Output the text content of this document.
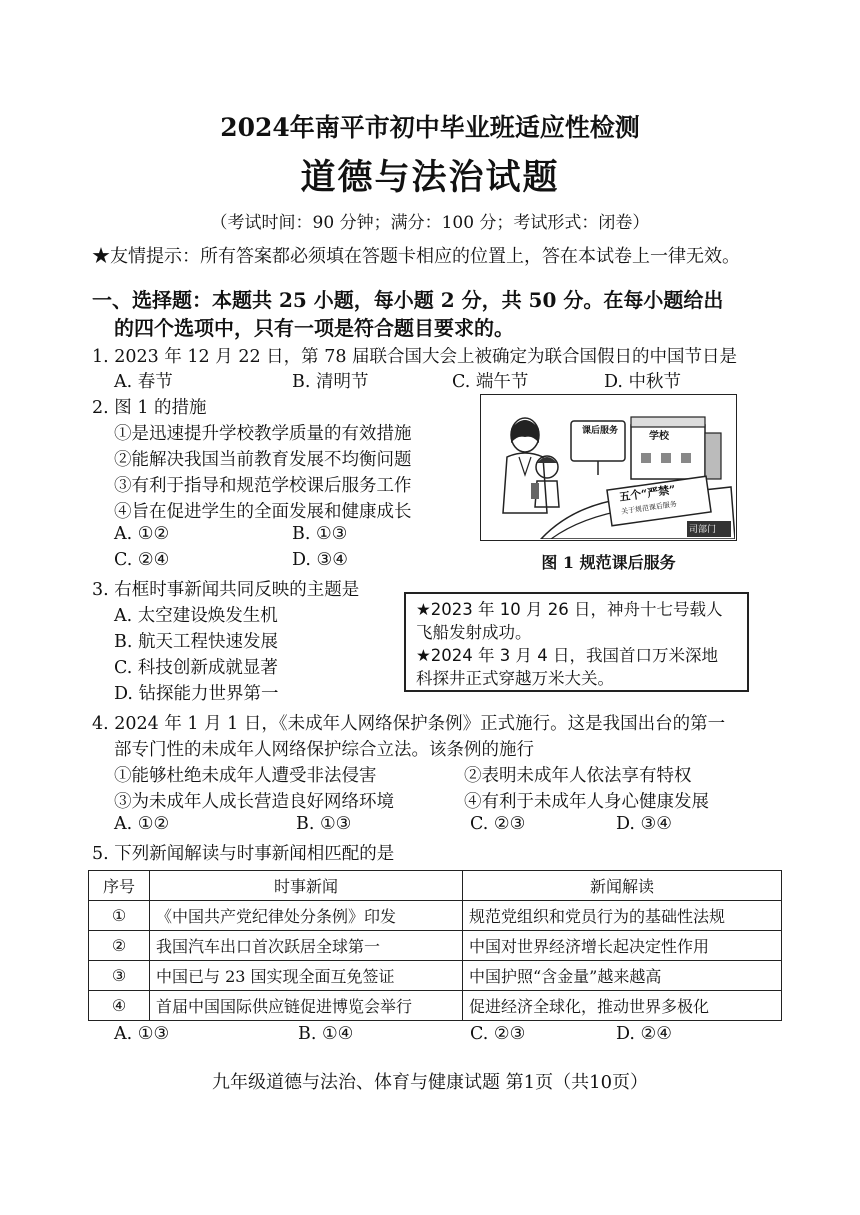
2024年南平市初中毕业班适应性检测
道德与法治试题
（考试时间：90 分钟；满分：100 分；考试形式：闭卷）
★友情提示：所有答案都必须填在答题卡相应的位置上，答在本试卷上一律无效。
一、选择题：本题共 25 小题，每小题 2 分，共 50 分。在每小题给出
的四个选项中，只有一项是符合题目要求的。
1. 2023 年 12 月 22 日，第 78 届联合国大会上被确定为联合国假日的中国节日是
A. 春节	B. 清明节	C. 端午节	D. 中秋节
2. 图 1 的措施
①是迅速提升学校教学质量的有效措施
②能解决我国当前教育发展不均衡问题
③有利于指导和规范学校课后服务工作
④旨在促进学生的全面发展和健康成长
A. ①②	B. ①③
C. ②④	D. ③④
课后服务	学校
五个“严禁”
关于规范课后服务
司部门
图 1 规范课后服务
3. 右框时事新闻共同反映的主题是
A. 太空建设焕发生机
B. 航天工程快速发展
C. 科技创新成就显著
D. 钻探能力世界第一
★2023 年 10 月 26 日，神舟十七号载人
飞船发射成功。
★2024 年 3 月 4 日，我国首口万米深地
科探井正式穿越万米大关。
4. 2024 年 1 月 1 日，《未成年人网络保护条例》正式施行。这是我国出台的第一
部专门性的未成年人网络保护综合立法。该条例的施行
①能够杜绝未成年人遭受非法侵害	②表明未成年人依法享有特权
③为未成年人成长营造良好网络环境	④有利于未成年人身心健康发展
A. ①②	B. ①③	C. ②③	D. ③④
5. 下列新闻解读与时事新闻相匹配的是
序号	时事新闻	新闻解读
①	《中国共产党纪律处分条例》印发	规范党组织和党员行为的基础性法规
②	我国汽车出口首次跃居全球第一	中国对世界经济增长起决定性作用
③	中国已与 23 国实现全面互免签证	中国护照“含金量”越来越高
④	首届中国国际供应链促进博览会举行	促进经济全球化，推动世界多极化
A. ①③	B. ①④	C. ②③	D. ②④
九年级道德与法治、体育与健康试题 第1页（共10页）
